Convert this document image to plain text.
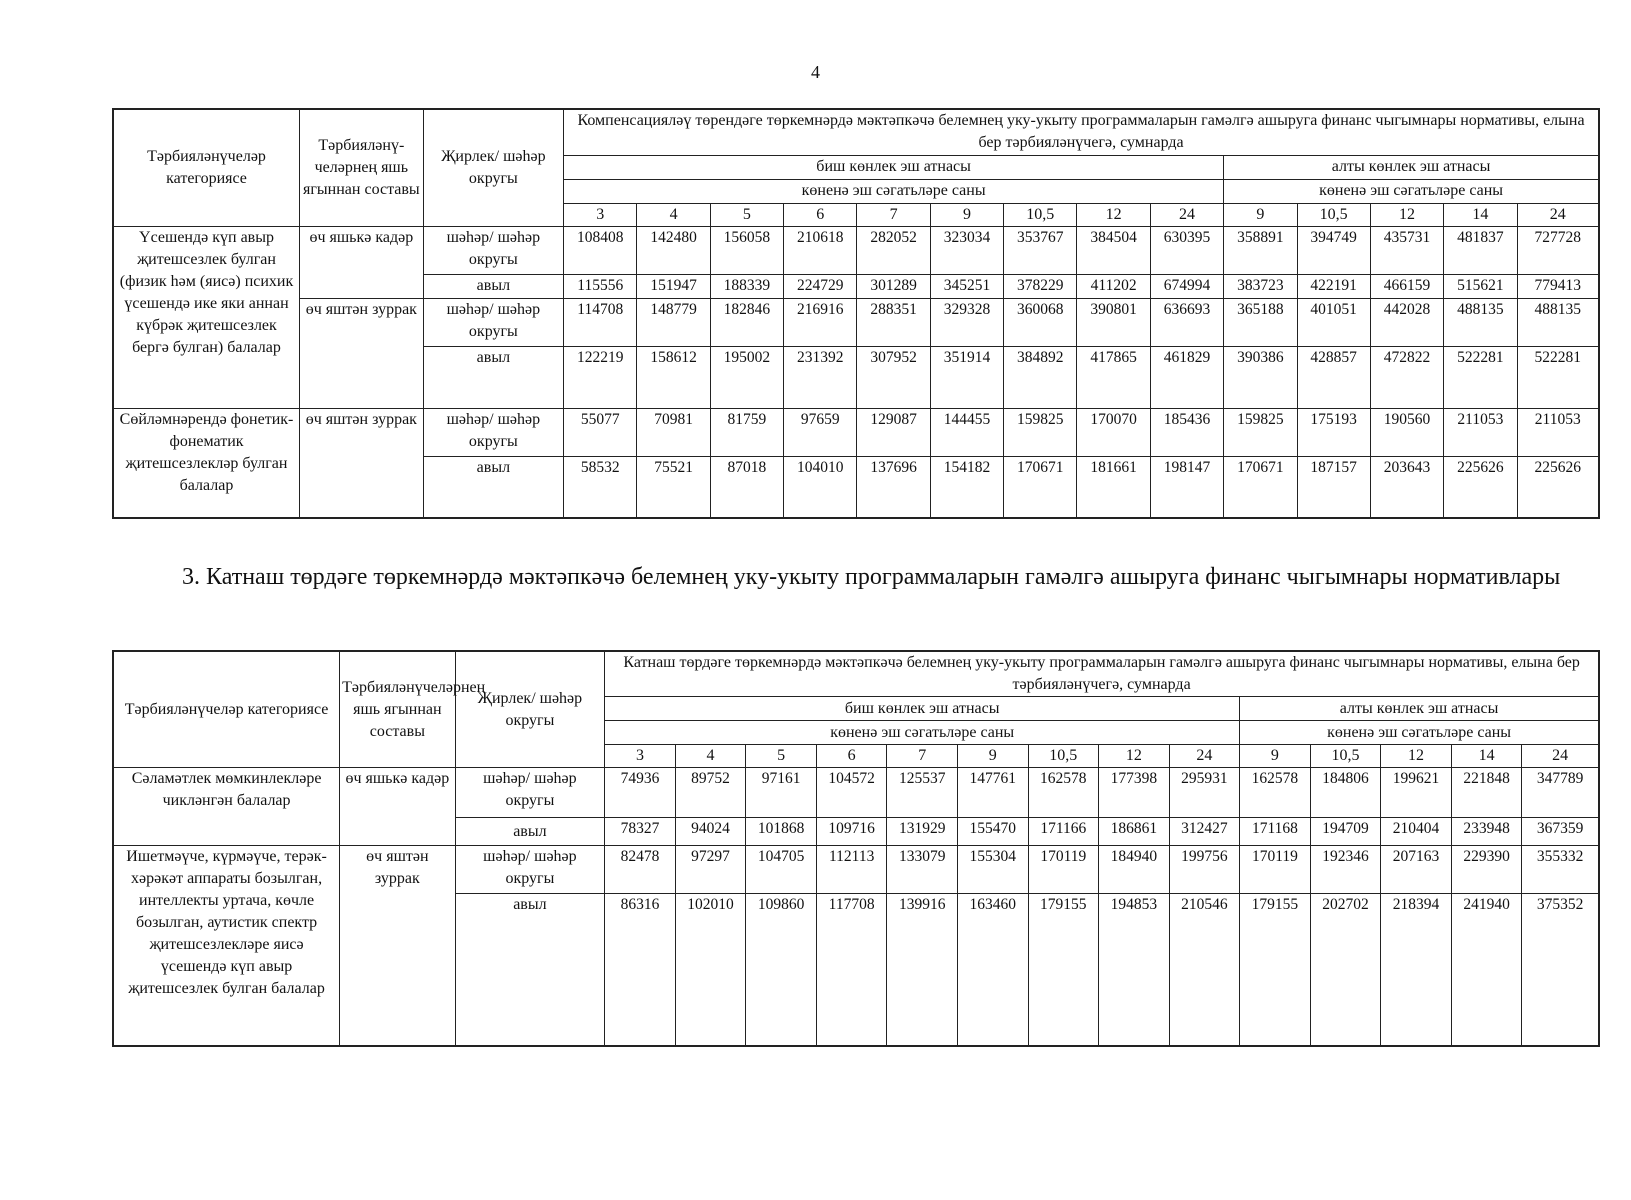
4
Тәрбияләнүчеләр категориясе	Тәрбияләнү-челәрнең яшь ягыннан составы	Җирлек/ шәһәр округы	Компенсацияләү төрендәге төркемнәрдә мәктәпкәчә белемнең уку-укыту программаларын гамәлгә ашыруга финанс чыгымнары нормативы, елына бер тәрбияләнүчегә, сумнарда													
			биш көнлек эш атнасы									алты көнлек эш атнасы				
			көненә эш сәгатьләре саны									көненә эш сәгатьләре саны				
			3	4	5	6	7	9	10,5	12	24	9	10,5	12	14	24
Үсешендә күп авыр җитешсезлек булган (физик һәм (яисә) психик үсешендә ике яки аннан күбрәк җитешсезлек бергә булган) балалар	өч яшькә кадәр	шәһәр/ шәһәр округы	108408	142480	156058	210618	282052	323034	353767	384504	630395	358891	394749	435731	481837	727728
		авыл	115556	151947	188339	224729	301289	345251	378229	411202	674994	383723	422191	466159	515621	779413
	өч яштән зуррак	шәһәр/ шәһәр округы	114708	148779	182846	216916	288351	329328	360068	390801	636693	365188	401051	442028	488135	488135
		авыл	122219	158612	195002	231392	307952	351914	384892	417865	461829	390386	428857	472822	522281	522281
Сөйләмнәрендә фонетик-фонематик җитешсезлекләр булган балалар	өч яштән зуррак	шәһәр/ шәһәр округы	55077	70981	81759	97659	129087	144455	159825	170070	185436	159825	175193	190560	211053	211053
		авыл	58532	75521	87018	104010	137696	154182	170671	181661	198147	170671	187157	203643	225626	225626
3. Катнаш төрдәге төркемнәрдә мәктәпкәчә белемнең уку-укыту программаларын гамәлгә ашыруга финанс чыгымнары нормативлары
Тәрбияләнүчеләр категориясе	Тәрбияләнүчеләрнең яшь ягыннан составы	Җирлек/ шәһәр округы	Катнаш төрдәге төркемнәрдә мәктәпкәчә белемнең уку-укыту программаларын гамәлгә ашыруга финанс чыгымнары нормативы, елына бер тәрбияләнүчегә, сумнарда													
			биш көнлек эш атнасы									алты көнлек эш атнасы				
			көненә эш сәгатьләре саны									көненә эш сәгатьләре саны				
			3	4	5	6	7	9	10,5	12	24	9	10,5	12	14	24
Сәламәтлек мөмкинлекләре чикләнгән балалар	өч яшькә кадәр	шәһәр/ шәһәр округы	74936	89752	97161	104572	125537	147761	162578	177398	295931	162578	184806	199621	221848	347789
		авыл	78327	94024	101868	109716	131929	155470	171166	186861	312427	171168	194709	210404	233948	367359
Ишетмәүче, күрмәүче, терәк-хәрәкәт аппараты бозылган, интеллекты уртача, көчле бозылган, аутистик спектр җитешсезлекләре яисә үсешендә күп авыр җитешсезлек булган балалар	өч яштән зуррак	шәһәр/ шәһәр округы	82478	97297	104705	112113	133079	155304	170119	184940	199756	170119	192346	207163	229390	355332
		авыл	86316	102010	109860	117708	139916	163460	179155	194853	210546	179155	202702	218394	241940	375352
